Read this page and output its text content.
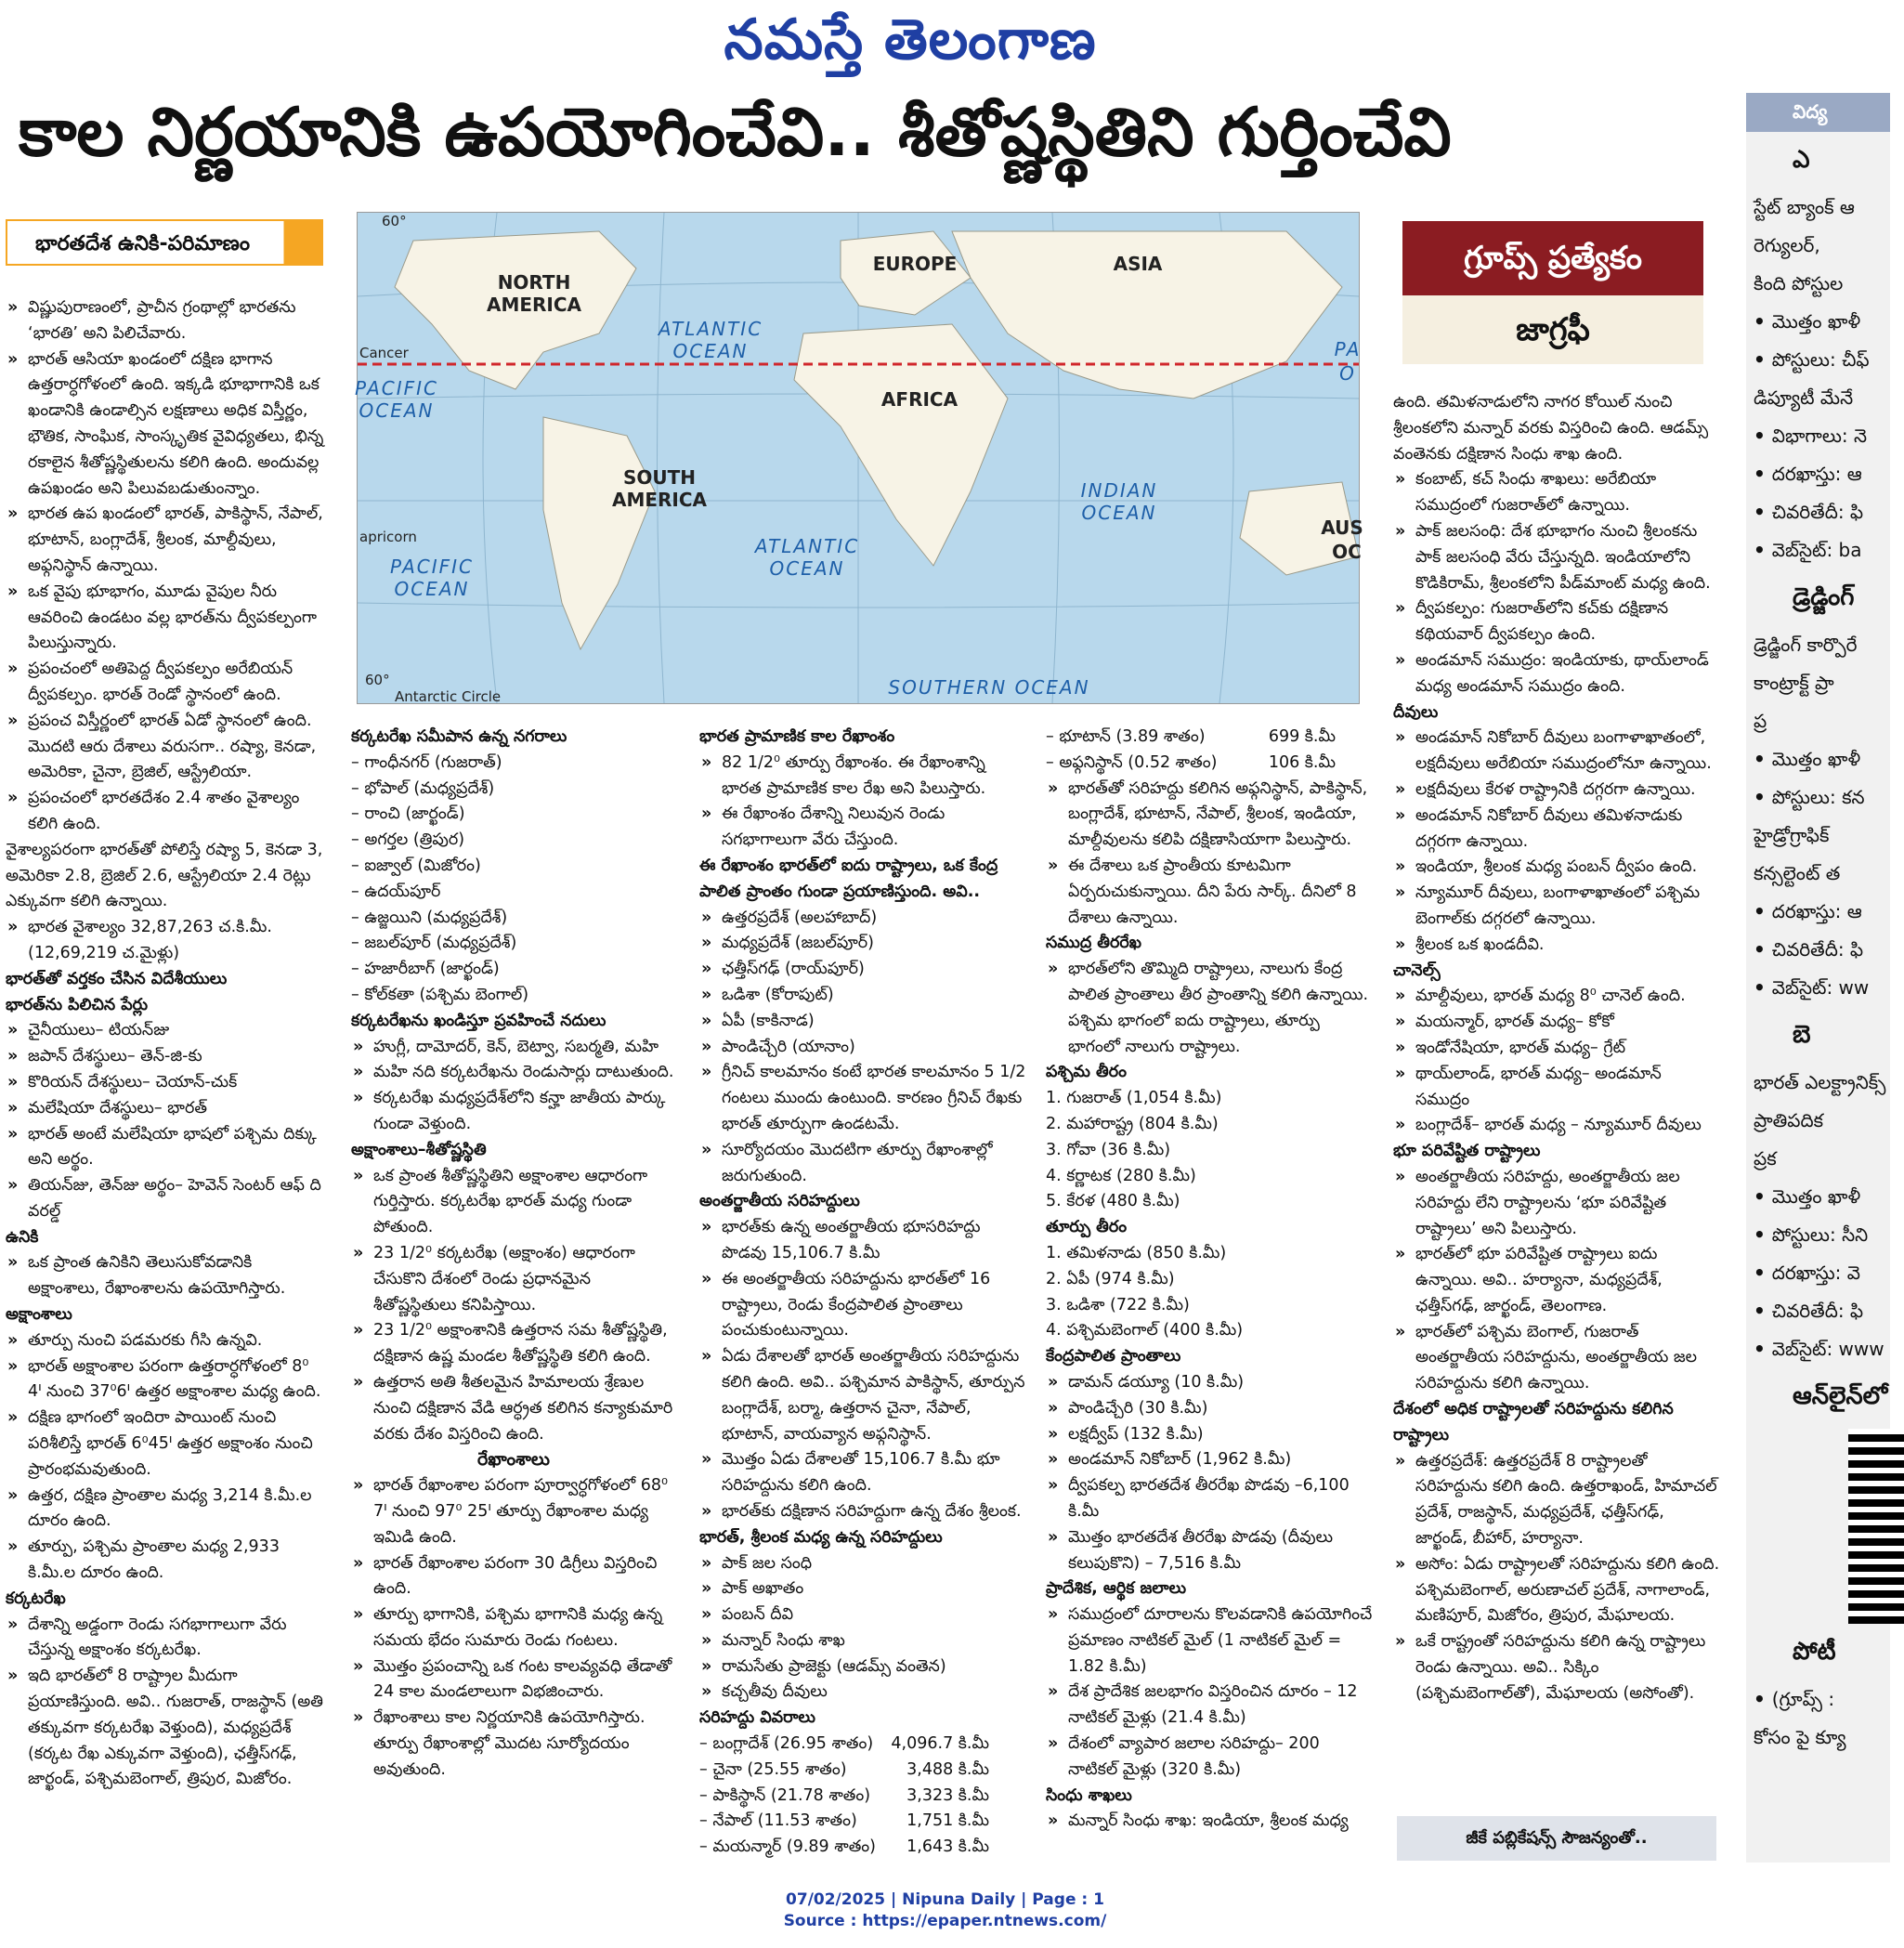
నమస్తే తెలంగాణ
కాల నిర్ణయానికి ఉపయోగించేవి.. శీతోష్ణస్థితిని గుర్తించేవి
భారతదేశ ఉనికి-పరిమాణం
NORTH
AMERICA
EUROPE	ASIA
AFRICA
SOUTH
AMERICA
AUS
OC
ATLANTIC
OCEAN
PACIFIC
OCEAN
INDIAN
OCEAN
ATLANTIC
OCEAN
PACIFIC
OCEAN
SOUTHERN OCEAN
PA
O
Cancer
apricorn
60°
60°
Antarctic Circle
గ్రూప్స్‌ ప్రత్యేకం
జాగ్రఫీ

» విష్ణుపురాణంలో, ప్రాచీన గ్రంథాల్లో భారతను ‘భారతి’ అని పిలిచేవారు.

» భారత్‌ ఆసియా ఖండంలో దక్షిణ భాగాన ఉత్తరార్ధగోళంలో ఉంది. ఇక్కడి భూభాగానికి ఒక ఖండానికి ఉండాల్సిన లక్షణాలు అధిక విస్తీర్ణం, భౌతిక, సాంఘిక, సాంస్కృతిక వైవిధ్యతలు, భిన్న రకాలైన శీతోష్ణస్థితులను కలిగి ఉంది. అందువల్ల ఉపఖండం అని పిలువబడుతుంన్నాం.

» భారత ఉప ఖండంలో భారత్‌, పాకిస్థాన్‌, నేపాల్‌, భూటాన్‌, బంగ్లాదేశ్‌, శ్రీలంక, మాల్దీవులు, అఫ్గనిస్థాన్‌ ఉన్నాయి.

» ఒక వైపు భూభాగం, మూడు వైపుల నీరు ఆవరించి ఉండటం వల్ల భారత్‌ను ద్వీపకల్పంగా పిలుస్తున్నారు.

» ప్రపంచంలో అతిపెద్ద ద్వీపకల్పం అరేబియన్‌ ద్వీపకల్పం. భారత్‌ రెండో స్థానంలో ఉంది.

» ప్రపంచ విస్తీర్ణంలో భారత్‌ ఏడో స్థానంలో ఉంది. మొదటి ఆరు దేశాలు వరుసగా.. రష్యా, కెనడా, అమెరికా, చైనా, బ్రెజిల్‌, ఆస్ట్రేలియా.

» ప్రపంచంలో భారతదేశం 2.4 శాతం వైశాల్యం కలిగి ఉంది.

వైశాల్యపరంగా భారత్‌తో పోలిస్తే రష్యా 5, కెనడా 3, అమెరికా 2.8, బ్రెజిల్‌ 2.6, ఆస్ట్రేలియా 2.4 రెట్లు ఎక్కువగా కలిగి ఉన్నాయి.

» భారత వైశాల్యం 32,87,263 చ.కి.మీ. (12,69,219 చ.మైళ్లు)

భారత్‌తో వర్తకం చేసిన విదేశీయులు

భారత్‌ను పిలిచిన పేర్లు

» చైనీయులు– టియన్‌జు

» జపాన్‌ దేశస్థులు– తెన్‌-జి-కు

» కొరియన్‌ దేశస్థులు– చెయాన్‌-చుక్‌

» మలేషియా దేశస్థులు– భారత్‌

» భారత్‌ అంటే మలేషియా భాషలో పశ్చిమ దిక్కు అని అర్థం.

» తియన్‌జు, తెన్‌జు అర్థం– హెవెన్‌ సెంటర్‌ ఆఫ్‌ ది వరల్డ్‌

ఉనికి

» ఒక ప్రాంత ఉనికిని తెలుసుకోవడానికి అక్షాంశాలు, రేఖాంశాలను ఉపయోగిస్తారు.

అక్షాంశాలు

» తూర్పు నుంచి పడమరకు గీసి ఉన్నవి.

» భారత్‌ అక్షాంశాల పరంగా ఉత్తరార్ధగోళంలో 8⁰ 4ᑊ నుంచి 37⁰6ᑊ ఉత్తర అక్షాంశాల మధ్య ఉంది.

» దక్షిణ భాగంలో ఇందిరా పాయింట్‌ నుంచి పరిశీలిస్తే భారత్‌ 6⁰45ᑊ ఉత్తర అక్షాంశం నుంచి ప్రారంభమవుతుంది.

» ఉత్తర, దక్షిణ ప్రాంతాల మధ్య 3,214 కి.మీ.ల దూరం ఉంది.

» తూర్పు, పశ్చిమ ప్రాంతాల మధ్య 2,933 కి.మీ.ల దూరం ఉంది.

కర్కటరేఖ

» దేశాన్ని అడ్డంగా రెండు సగభాగాలుగా వేరు చేస్తున్న అక్షాంశం కర్కటరేఖ.

» ఇది భారత్‌లో 8 రాష్ట్రాల మీదుగా ప్రయాణిస్తుంది. అవి.. గుజరాత్‌, రాజస్థాన్‌ (అతి తక్కువగా కర్కటరేఖ వెళ్తుంది), మధ్యప్రదేశ్‌ (కర్కట రేఖ ఎక్కువగా వెళ్తుంది), ఛత్తీస్‌గఢ్‌, జార్ఖండ్‌, పశ్చిమబెంగాల్‌, త్రిపుర, మిజోరం.

కర్కటరేఖ సమీపాన ఉన్న నగరాలు

– గాంధీనగర్‌ (గుజరాత్‌)

– భోపాల్‌ (మధ్యప్రదేశ్‌)

– రాంచి (జార్ఖండ్‌)

– అగర్తల (త్రిపుర)

– ఐజ్వాల్‌ (మిజోరం)

– ఉదయ్‌పూర్‌

– ఉజ్జయిని (మధ్యప్రదేశ్‌)

– జబల్‌పూర్‌ (మధ్యప్రదేశ్‌)

– హజారీబాగ్‌ (జార్ఖండ్‌)

– కోల్‌కతా (పశ్చిమ బెంగాల్‌)

కర్కటరేఖను ఖండిస్తూ ప్రవహించే నదులు

» హుగ్లీ, దామోదర్‌, కెన్‌, బెట్వా, సబర్మతి, మహి

» మహి నది కర్కటరేఖను రెండుసార్లు దాటుతుంది.

» కర్కటరేఖ మధ్యప్రదేశ్‌లోని కన్హా జాతీయ పార్కు గుండా వెళ్తుంది.

అక్షాంశాలు–శీతోష్ణస్థితి

» ఒక ప్రాంత శీతోష్ణస్థితిని అక్షాంశాల ఆధారంగా గుర్తిస్తారు. కర్కటరేఖ భారత్‌ మధ్య గుండా పోతుంది.

» 23 1/2⁰ కర్కటరేఖ (అక్షాంశం) ఆధారంగా చేసుకొని దేశంలో రెండు ప్రధానమైన శీతోష్ణస్థితులు కనిపిస్తాయి.

» 23 1/2⁰ అక్షాంశానికి ఉత్తరాన సమ శీతోష్ణస్థితి, దక్షిణాన ఉష్ణ మండల శీతోష్ణస్థితి కలిగి ఉంది.

» ఉత్తరాన అతి శీతలమైన హిమాలయ శ్రేణుల నుంచి దక్షిణాన వేడి ఆర్ధ్రత కలిగిన కన్యాకుమారి వరకు దేశం విస్తరించి ఉంది.

రేఖాంశాలు

» భారత్‌ రేఖాంశాల పరంగా పూర్వార్ధగోళంలో 68⁰ 7ᑊ నుంచి 97⁰ 25ᑊ తూర్పు రేఖాంశాల మధ్య ఇమిడి ఉంది.

» భారత్‌ రేఖాంశాల పరంగా 30 డిగ్రీలు విస్తరించి ఉంది.

» తూర్పు భాగానికి, పశ్చిమ భాగానికి మధ్య ఉన్న సమయ భేదం సుమారు రెండు గంటలు.

» మొత్తం ప్రపంచాన్ని ఒక గంట కాలవ్యవధి తేడాతో 24 కాల మండలాలుగా విభజించారు.

» రేఖాంశాలు కాల నిర్ణయానికి ఉపయోగిస్తారు. తూర్పు రేఖాంశాల్లో మొదట సూర్యోదయం అవుతుంది.

భారత ప్రామాణిక కాల రేఖాంశం

» 82 1/2⁰ తూర్పు రేఖాంశం. ఈ రేఖాంశాన్ని భారత ప్రామాణిక కాల రేఖ అని పిలుస్తారు.

» ఈ రేఖాంశం దేశాన్ని నిలువున రెండు సగభాగాలుగా వేరు చేస్తుంది.

ఈ రేఖాంశం భారత్‌లో ఐదు రాష్ట్రాలు, ఒక కేంద్ర పాలిత ప్రాంతం గుండా ప్రయాణిస్తుంది. అవి..

» ఉత్తరప్రదేశ్‌ (అలహాబాద్‌)

» మధ్యప్రదేశ్‌ (జబల్‌పూర్‌)

» ఛత్తీస్‌గఢ్‌ (రాయ్‌పూర్‌)

» ఒడిశా (కోరాపుట్‌)

» ఏపీ (కాకినాడ)

» పాండిచ్చేరి (యానాం)

» గ్రీనిచ్‌ కాలమానం కంటే భారత కాలమానం 5 1/2 గంటలు ముందు ఉంటుంది. కారణం గ్రీనిచ్‌ రేఖకు భారత్‌ తూర్పుగా ఉండటమే.

» సూర్యోదయం మొదటిగా తూర్పు రేఖాంశాల్లో జరుగుతుంది.

అంతర్జాతీయ సరిహద్దులు

» భారత్‌కు ఉన్న అంతర్జాతీయ భూసరిహద్దు పొడవు 15,106.7 కి.మీ

» ఈ అంతర్జాతీయ సరిహద్దును భారత్‌లో 16 రాష్ట్రాలు, రెండు కేంద్రపాలిత ప్రాంతాలు పంచుకుంటున్నాయి.

» ఏడు దేశాలతో భారత్‌ అంతర్జాతీయ సరిహద్దును కలిగి ఉంది. అవి.. పశ్చిమాన పాకిస్థాన్‌, తూర్పున బంగ్లాదేశ్‌, బర్మా, ఉత్తరాన చైనా, నేపాల్‌, భూటాన్‌, వాయవ్యాన అఫ్గనిస్థాన్‌.

» మొత్తం ఏడు దేశాలతో 15,106.7 కి.మీ భూ సరిహద్దును కలిగి ఉంది.

» భారత్‌కు దక్షిణాన సరిహద్దుగా ఉన్న దేశం శ్రీలంక.

భారత్‌, శ్రీలంక మధ్య ఉన్న సరిహద్దులు

» పాక్‌ జల సంధి

» పాక్‌ అఖాతం

» పంబన్‌ దీవి

» మన్నార్‌ సింధు శాఖ

» రామసేతు ప్రాజెక్టు (ఆడమ్స్‌ వంతెన)

» కచ్చతీవు దీవులు

సరిహద్దు వివరాలు

– బంగ్లాదేశ్‌ (26.95 శాతం) 4,096.7 కి.మీ

– చైనా (25.55 శాతం)	3,488 కి.మీ

– పాకిస్థాన్‌ (21.78 శాతం) 3,323 కి.మీ

– నేపాల్‌ (11.53 శాతం)	1,751 కి.మీ

– మయన్మార్‌ (9.89 శాతం) 1,643 కి.మీ

– భూటాన్‌ (3.89 శాతం)	699 కి.మీ

– అఫ్గనిస్థాన్‌ (0.52 శాతం)	106 కి.మీ

» భారత్‌తో సరిహద్దు కలిగిన అఫ్గనిస్థాన్‌, పాకిస్థాన్‌, బంగ్లాదేశ్‌, భూటాన్‌, నేపాల్‌, శ్రీలంక, ఇండియా, మాల్దీవులను కలిపి దక్షిణాసియాగా పిలుస్తారు.

» ఈ దేశాలు ఒక ప్రాంతీయ కూటమిగా ఏర్పరుచుకున్నాయి. దీని పేరు సార్క్‌. దీనిలో 8 దేశాలు ఉన్నాయి.

సముద్ర తీరరేఖ

» భారత్‌లోని తొమ్మిది రాష్ట్రాలు, నాలుగు కేంద్ర పాలిత ప్రాంతాలు తీర ప్రాంతాన్ని కలిగి ఉన్నాయి. పశ్చిమ భాగంలో ఐదు రాష్ట్రాలు, తూర్పు భాగంలో నాలుగు రాష్ట్రాలు.

పశ్చిమ తీరం

1. గుజరాత్‌ (1,054 కి.మీ)

2. మహారాష్ట్ర (804 కి.మీ)

3. గోవా (36 కి.మీ)

4. కర్ణాటక (280 కి.మీ)

5. కేరళ (480 కి.మీ)

తూర్పు తీరం

1. తమిళనాడు (850 కి.మీ)

2. ఏపీ (974 కి.మీ)

3. ఒడిశా (722 కి.మీ)

4. పశ్చిమబెంగాల్‌ (400 కి.మీ)

కేంద్రపాలిత ప్రాంతాలు

» డామన్‌ డయ్యూ (10 కి.మీ)

» పాండిచ్చేరి (30 కి.మీ)

» లక్షద్వీప్‌ (132 కి.మీ)

» అండమాన్‌ నికోబార్‌ (1,962 కి.మీ)

» ద్వీపకల్ప భారతదేశ తీరరేఖ పొడవు –6,100 కి.మీ

» మొత్తం భారతదేశ తీరరేఖ పొడవు (దీవులు కలుపుకొని) – 7,516 కి.మీ

ప్రాదేశిక, ఆర్థిక జలాలు

» సముద్రంలో దూరాలను కొలవడానికి ఉపయోగించే ప్రమాణం నాటికల్‌ మైల్‌ (1 నాటికల్‌ మైల్‌ = 1.82 కి.మీ)

» దేశ ప్రాదేశిక జలభాగం విస్తరించిన దూరం – 12 నాటికల్‌ మైళ్లు (21.4 కి.మీ)

» దేశంలో వ్యాపార జలాల సరిహద్దు– 200 నాటికల్‌ మైళ్లు (320 కి.మీ)

సింధు శాఖలు

» మన్నార్‌ సింధు శాఖ: ఇండియా, శ్రీలంక మధ్య

ఉంది. తమిళనాడులోని నాగర కోయిల్‌ నుంచి శ్రీలంకలోని మన్నార్‌ వరకు విస్తరించి ఉంది. ఆడమ్స్‌ వంతెనకు దక్షిణాన సింధు శాఖ ఉంది.

» కంబాట్‌, కచ్‌ సింధు శాఖలు: అరేబియా సముద్రంలో గుజరాత్‌లో ఉన్నాయి.

» పాక్‌ జలసంధి: దేశ భూభాగం నుంచి శ్రీలంకను పాక్‌ జలసంధి వేరు చేస్తున్నది. ఇండియాలోని కొడికిరామ్‌, శ్రీలంకలోని పీడ్‌మాంట్‌ మధ్య ఉంది.

» ద్వీపకల్పం: గుజరాత్‌లోని కచ్‌కు దక్షిణాన కథియవార్‌ ద్వీపకల్పం ఉంది.

» అండమాన్‌ సముద్రం: ఇండియాకు, థాయ్‌లాండ్‌ మధ్య అండమాన్‌ సముద్రం ఉంది.

దీవులు

» అండమాన్‌ నికోబార్‌ దీవులు బంగాళాఖాతంలో, లక్షదీవులు అరేబియా సముద్రంలోనూ ఉన్నాయి.

» లక్షదీవులు కేరళ రాష్ట్రానికి దగ్గరగా ఉన్నాయి.

» అండమాన్‌ నికోబార్‌ దీవులు తమిళనాడుకు దగ్గరగా ఉన్నాయి.

» ఇండియా, శ్రీలంక మధ్య పంబన్‌ ద్వీపం ఉంది.

» న్యూమూర్‌ దీవులు, బంగాళాఖాతంలో పశ్చిమ బెంగాల్‌కు దగ్గరలో ఉన్నాయి.

» శ్రీలంక ఒక ఖండదీవి.

చానెల్స్‌

» మాల్దీవులు, భారత్‌ మధ్య 8⁰ చానెల్‌ ఉంది.

» మయన్మార్‌, భారత్‌ మధ్య– కోకో

» ఇండోనేషియా, భారత్‌ మధ్య– గ్రేట్‌

» థాయ్‌లాండ్‌, భారత్‌ మధ్య– అండమాన్‌ సముద్రం

» బంగ్లాదేశ్‌– భారత్‌ మధ్య – న్యూమూర్‌ దీవులు

భూ పరివేష్టిత రాష్ట్రాలు

» అంతర్జాతీయ సరిహద్దు, అంతర్జాతీయ జల సరిహద్దు లేని రాష్ట్రాలను ‘భూ పరివేష్టిత రాష్ట్రాలు’ అని పిలుస్తారు.

» భారత్‌లో భూ పరివేష్టిత రాష్ట్రాలు ఐదు ఉన్నాయి. అవి.. హర్యానా, మధ్యప్రదేశ్‌, ఛత్తీస్‌గఢ్‌, జార్ఖండ్‌, తెలంగాణ.

» భారత్‌లో పశ్చిమ బెంగాల్‌, గుజరాత్‌ అంతర్జాతీయ సరిహద్దును, అంతర్జాతీయ జల సరిహద్దును కలిగి ఉన్నాయి.

దేశంలో అధిక రాష్ట్రాలతో సరిహద్దును కలిగిన రాష్ట్రాలు

» ఉత్తరప్రదేశ్‌: ఉత్తరప్రదేశ్‌ 8 రాష్ట్రాలతో సరిహద్దును కలిగి ఉంది. ఉత్తరాఖండ్‌, హిమాచల్‌ ప్రదేశ్‌, రాజస్థాన్‌, మధ్యప్రదేశ్‌, ఛత్తీస్‌గఢ్‌, జార్ఖండ్‌, బీహార్‌, హర్యానా.

» అసోం: ఏడు రాష్ట్రాలతో సరిహద్దును కలిగి ఉంది. పశ్చిమబెంగాల్‌, అరుణాచల్‌ ప్రదేశ్‌, నాగాలాండ్‌, మణిపూర్‌, మిజోరం, త్రిపుర, మేఘాలయ.

» ఒకే రాష్ట్రంతో సరిహద్దును కలిగి ఉన్న రాష్ట్రాలు రెండు ఉన్నాయి. అవి.. సిక్కిం (పశ్చిమబెంగాల్‌తో), మేఘాలయ (అసోంతో).

జీకే పబ్లికేషన్స్‌ సౌజన్యంతో..
విద్య

ఎ

స్టేట్‌ బ్యాంక్‌ ఆ

రెగ్యులర్‌,

కింది పోస్టుల

• మొత్తం ఖాళీ

• పోస్టులు: చీఫ్‌

డిప్యూటీ మేనే

• విభాగాలు: నె

• దరఖాస్తు: ఆ

• చివరితేదీ: ఫి

• వెబ్‌సైట్‌: ba

డ్రెడ్జింగ్‌

డ్రెడ్జింగ్‌ కార్పొరే

కాంట్రాక్ట్‌ ప్రా

ప్ర

• మొత్తం ఖాళీ

• పోస్టులు: కన

హైడ్రోగ్రాఫిక్‌

కన్సల్టెంట్‌ త

• దరఖాస్తు: ఆ

• చివరితేదీ: ఫి

• వెబ్‌సైట్‌: ww

బె

భారత్‌ ఎలక్ట్రానిక్స్‌

ప్రాతిపదిక

ప్రక

• మొత్తం ఖాళీ

• పోస్టులు: సీని

• దరఖాస్తు: వె

• చివరితేదీ: ఫి

• వెబ్‌సైట్‌: www

ఆన్‌లైన్‌లో

పోటీ

• (గ్రూప్స్‌ :

కోసం పై క్యూ

07/02/2025 | Nipuna Daily | Page : 1
Source : https://epaper.ntnews.com/
